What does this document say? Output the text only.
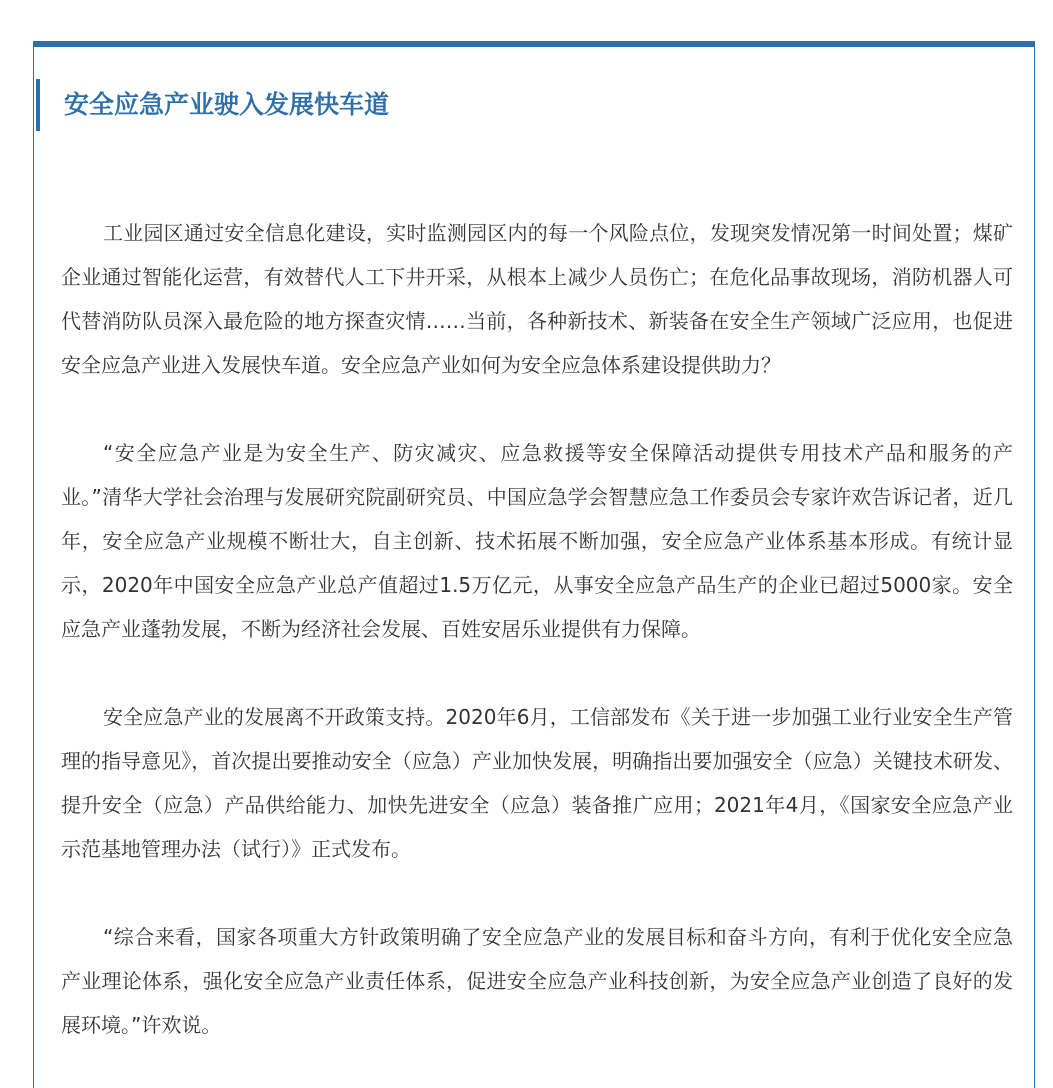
安全应急产业驶入发展快车道

工业园区通过安全信息化建设，实时监测园区内的每一个风险点位，发现突发情况第一时间处置；煤矿企业通过智能化运营，有效替代人工下井开采，从根本上减少人员伤亡；在危化品事故现场，消防机器人可代替消防队员深入最危险的地方探查灾情……当前，各种新技术、新装备在安全生产领域广泛应用，也促进安全应急产业进入发展快车道。安全应急产业如何为安全应急体系建设提供助力？

“安全应急产业是为安全生产、防灾减灾、应急救援等安全保障活动提供专用技术产品和服务的产业。”清华大学社会治理与发展研究院副研究员、中国应急学会智慧应急工作委员会专家许欢告诉记者，近几年，安全应急产业规模不断壮大，自主创新、技术拓展不断加强，安全应急产业体系基本形成。有统计显示，2020年中国安全应急产业总产值超过1.5万亿元，从事安全应急产品生产的企业已超过5000家。安全应急产业蓬勃发展，不断为经济社会发展、百姓安居乐业提供有力保障。

安全应急产业的发展离不开政策支持。2020年6月，工信部发布《关于进一步加强工业行业安全生产管理的指导意见》，首次提出要推动安全（应急）产业加快发展，明确指出要加强安全（应急）关键技术研发、提升安全（应急）产品供给能力、加快先进安全（应急）装备推广应用；2021年4月，《国家安全应急产业示范基地管理办法（试行）》正式发布。

“综合来看，国家各项重大方针政策明确了安全应急产业的发展目标和奋斗方向，有利于优化安全应急产业理论体系，强化安全应急产业责任体系，促进安全应急产业科技创新，为安全应急产业创造了良好的发展环境。”许欢说。
